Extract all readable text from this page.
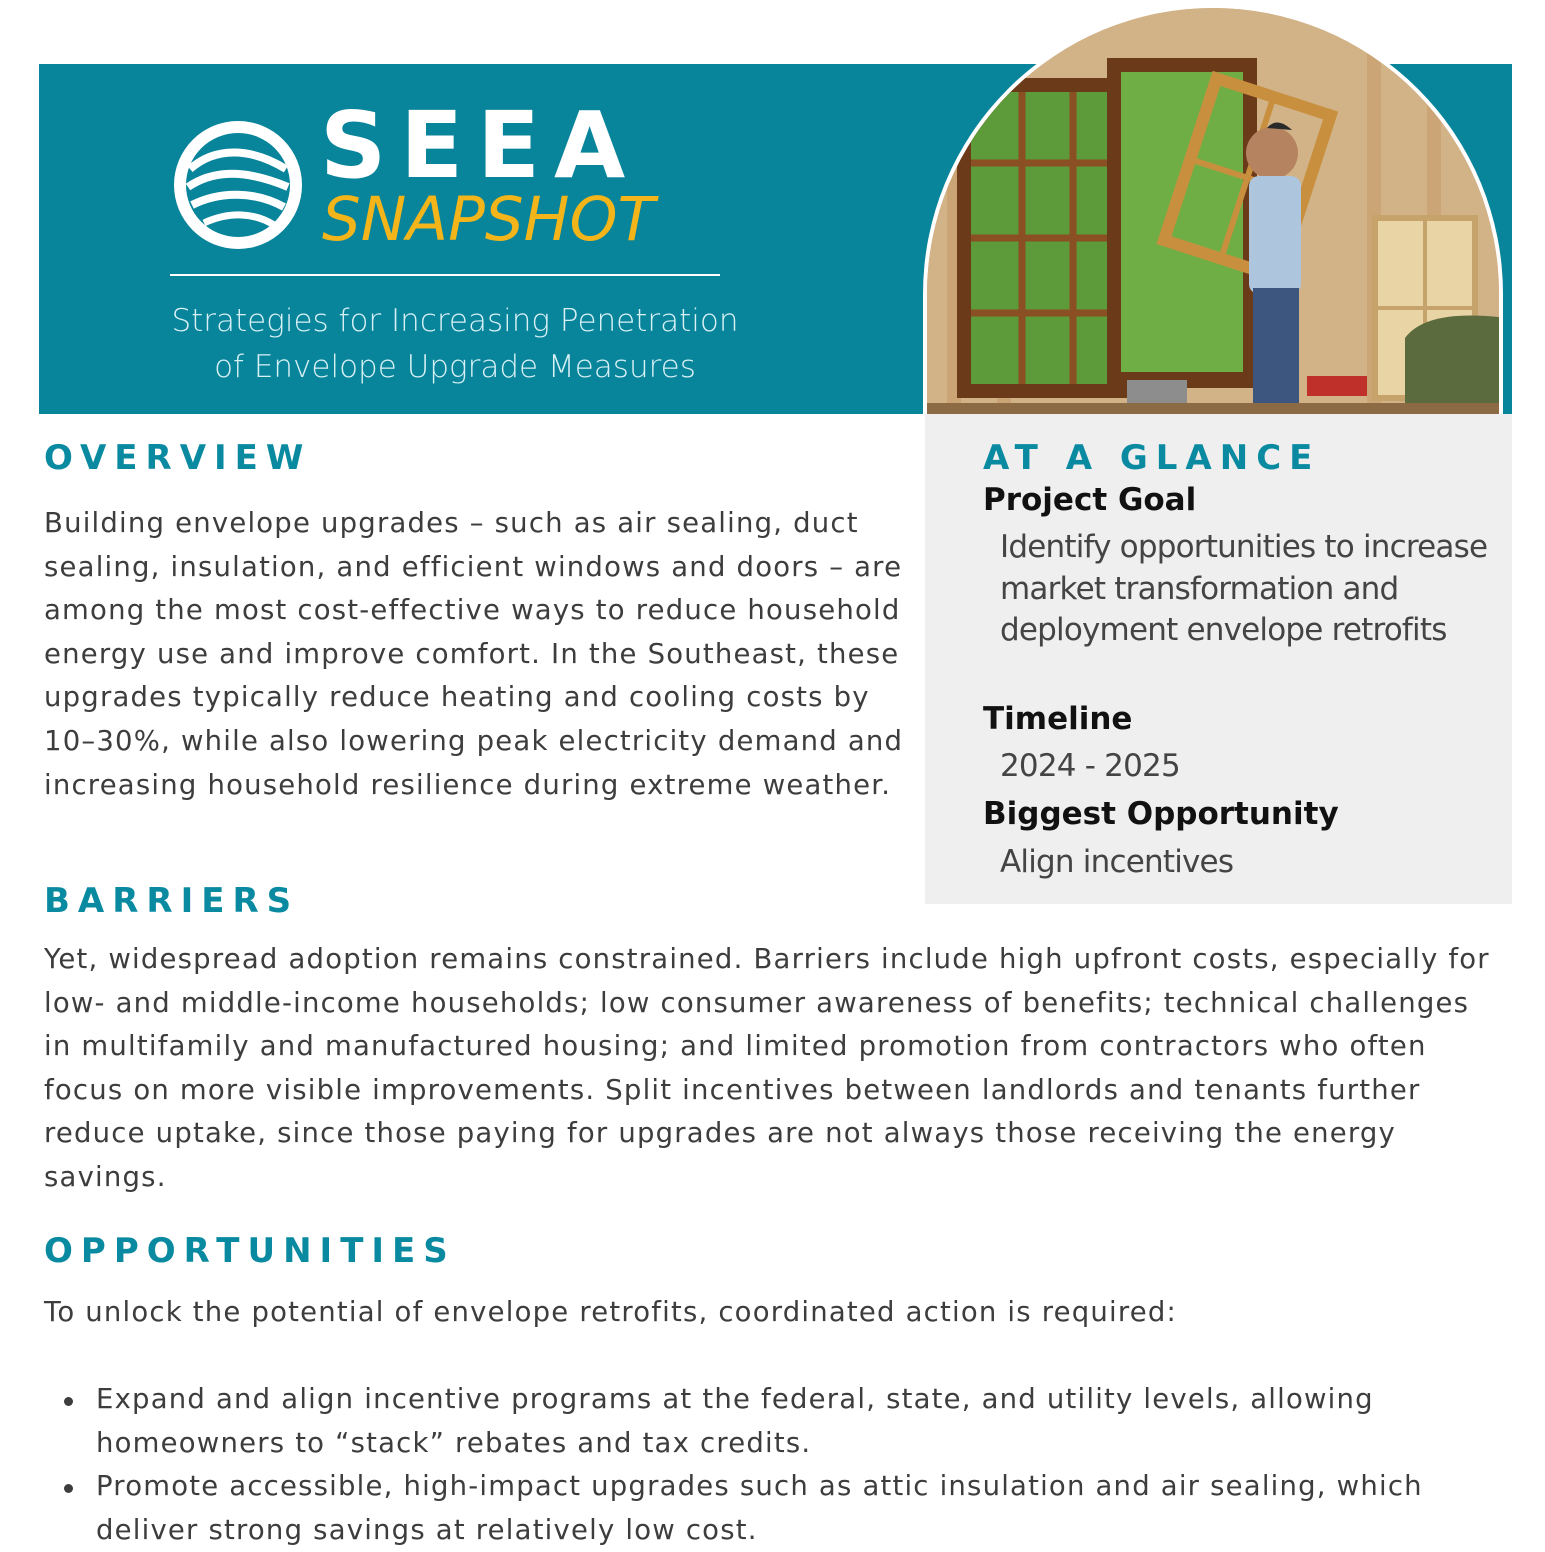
SEEA
SNAPSHOT
Strategies for Increasing Penetration
of Envelope Upgrade Measures
OVERVIEW

Building envelope upgrades – such as air sealing, duct sealing, insulation, and efficient windows and doors – are among the most cost-effective ways to reduce household energy use and improve comfort. In the Southeast, these upgrades typically reduce heating and cooling costs by 10–30%, while also lowering peak electricity demand and increasing household resilience during extreme weather.

AT A GLANCE
Project Goal
Identify opportunities to increase market transformation and deployment envelope retrofits
Timeline
2024 - 2025
Biggest Opportunity
Align incentives
BARRIERS

Yet, widespread adoption remains constrained. Barriers include high upfront costs, especially for low- and middle-income households; low consumer awareness of benefits; technical challenges in multifamily and manufactured housing; and limited promotion from contractors who often focus on more visible improvements. Split incentives between landlords and tenants further reduce uptake, since those paying for upgrades are not always those receiving the energy savings.

OPPORTUNITIES

To unlock the potential of envelope retrofits, coordinated action is required:

Expand and align incentive programs at the federal, state, and utility levels, allowing homeowners to “stack” rebates and tax credits.
Promote accessible, high-impact upgrades such as attic insulation and air sealing, which deliver strong savings at relatively low cost.
